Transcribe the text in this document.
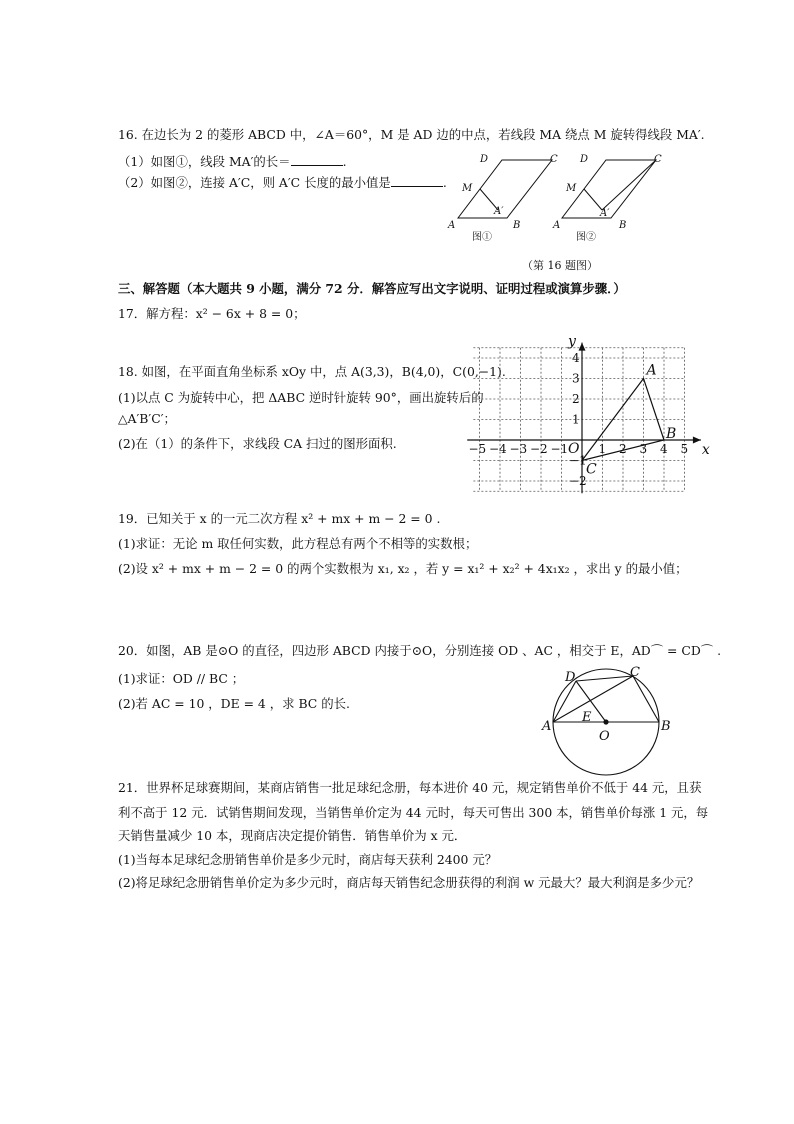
16. 在边长为 2 的菱形 ABCD 中，∠A＝60°，M 是 AD 边的中点，若线段 MA 绕点 M 旋转得线段 MA′.
（1）如图①，线段 MA′的长＝	.
（2）如图②，连接 A′C，则 A′C 长度的最小值是	.
D	C
M
A′
A	B
图①
D	C
M
A′
A	B
图②
（第 16 题图）
三、解答题（本大题共 9 小题，满分 72 分．解答应写出文字说明、证明过程或演算步骤．）
17．解方程：x² − 6x + 8 = 0；
18. 如图，在平面直角坐标系 xOy 中，点 A(3,3)，B(4,0)，C(0,−1).
(1)以点 C 为旋转中心，把 ΔABC 逆时针旋转 90°，画出旋转后的
△A′B′C′；
(2)在（1）的条件下，求线段 CA 扫过的图形面积.	x
y
−5 −4 −3 −2 −1	1 2 3 4 5
4
3
2
1
−1
−2
O
A
B
C
19．已知关于 x 的一元二次方程 x² + mx + m − 2 = 0 .
(1)求证：无论 m 取任何实数，此方程总有两个不相等的实数根；
(2)设 x² + mx + m − 2 = 0 的两个实数根为 x₁, x₂ ，若 y = x₁² + x₂² + 4x₁x₂ ，求出 y 的最小值；
20．如图，AB 是⊙O 的直径，四边形 ABCD 内接于⊙O，分别连接 OD 、AC ，相交于 E，AD⌒ = CD⌒ .
(1)求证：OD // BC ；
(2)若 AC = 10 ，DE = 4 ，求 BC 的长.
A	B
C
D
E
O
21．世界杯足球赛期间，某商店销售一批足球纪念册，每本进价 40 元，规定销售单价不低于 44 元，且获
利不高于 12 元．试销售期间发现，当销售单价定为 44 元时，每天可售出 300 本，销售单价每涨 1 元，每
天销售量减少 10 本，现商店决定提价销售．销售单价为 x 元．
(1)当每本足球纪念册销售单价是多少元时，商店每天获利 2400 元？
(2)将足球纪念册销售单价定为多少元时，商店每天销售纪念册获得的利润 w 元最大？最大利润是多少元？
